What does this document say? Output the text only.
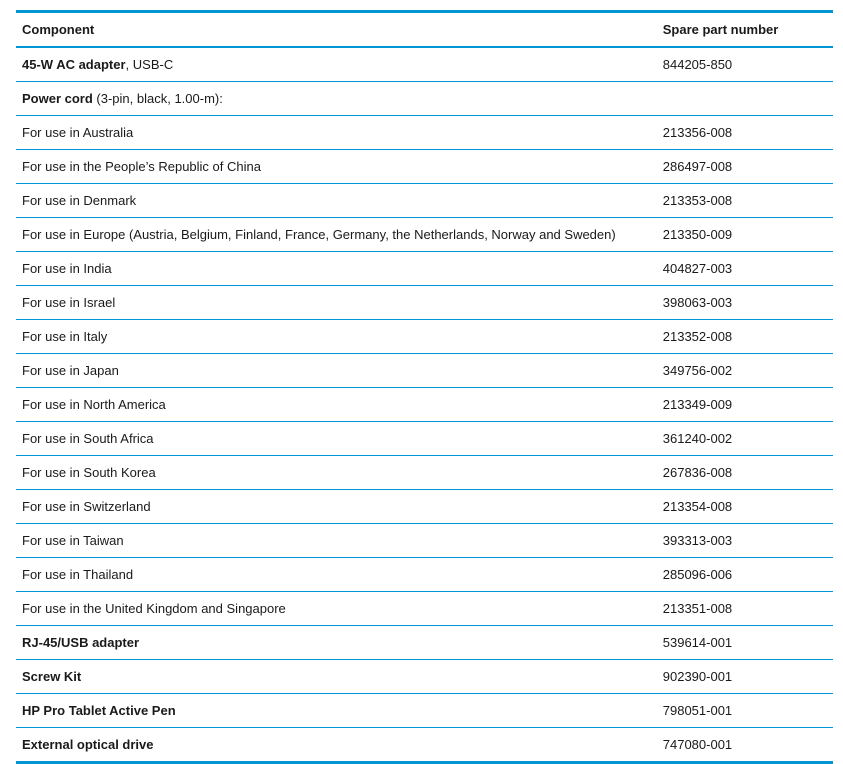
Component	Spare part number
45-W AC adapter, USB-C	844205-850
Power cord (3-pin, black, 1.00-m):	
For use in Australia	213356-008
For use in the People’s Republic of China	286497-008
For use in Denmark	213353-008
For use in Europe (Austria, Belgium, Finland, France, Germany, the Netherlands, Norway and Sweden)	213350-009
For use in India	404827-003
For use in Israel	398063-003
For use in Italy	213352-008
For use in Japan	349756-002
For use in North America	213349-009
For use in South Africa	361240-002
For use in South Korea	267836-008
For use in Switzerland	213354-008
For use in Taiwan	393313-003
For use in Thailand	285096-006
For use in the United Kingdom and Singapore	213351-008
RJ-45/USB adapter	539614-001
Screw Kit	902390-001
HP Pro Tablet Active Pen	798051-001
External optical drive	747080-001
